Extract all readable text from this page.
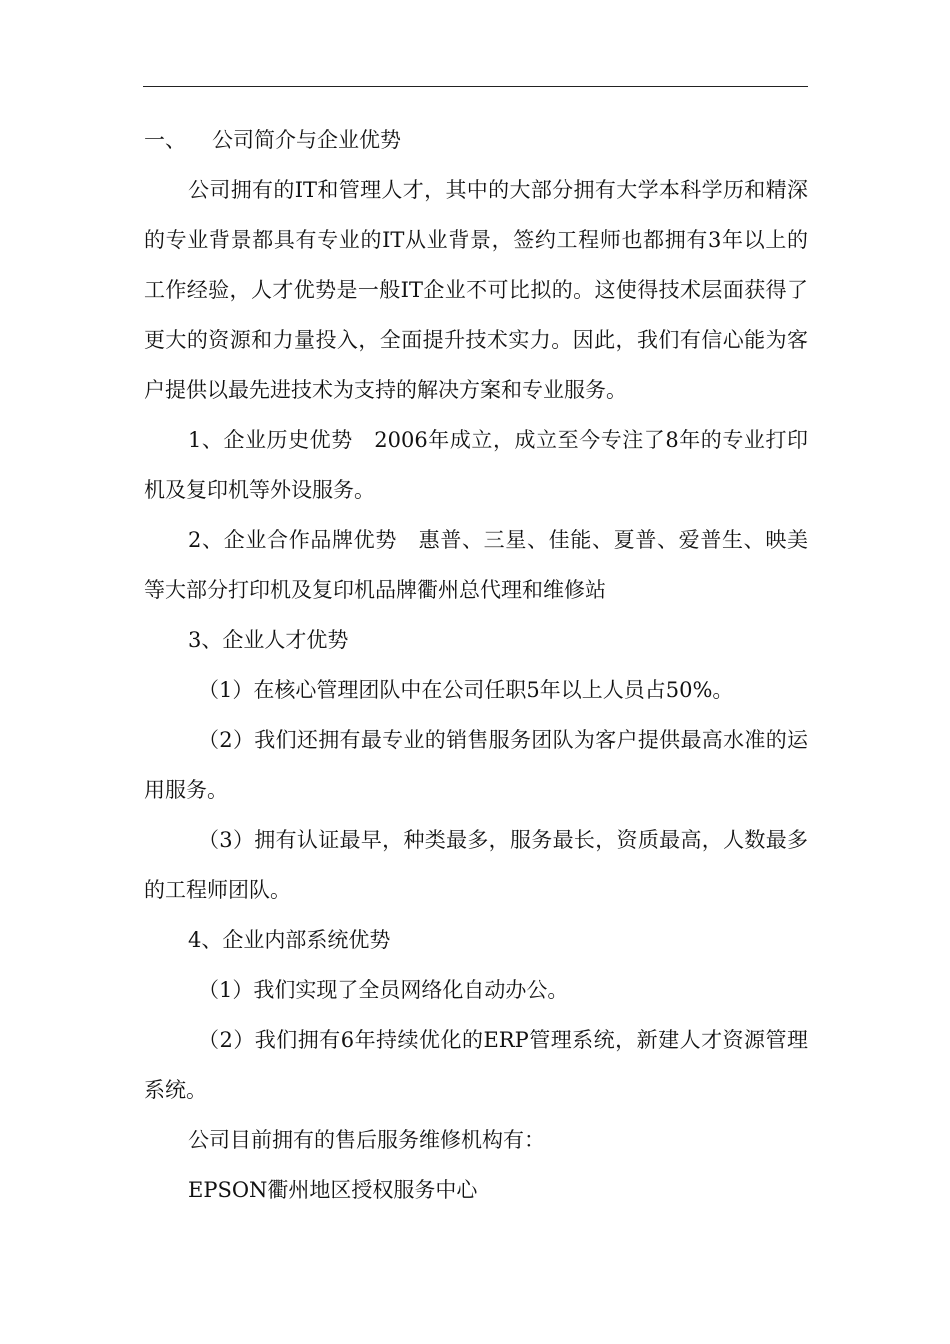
一、	公司简介与企业优势

公司拥有的IT和管理人才，其中的大部分拥有大学本科学历和精深的专业背景都具有专业的IT从业背景，签约工程师也都拥有3年以上的工作经验，人才优势是一般IT企业不可比拟的。这使得技术层面获得了更大的资源和力量投入，全面提升技术实力。因此，我们有信心能为客户提供以最先进技术为支持的解决方案和专业服务。

1、企业历史优势　2006年成立，成立至今专注了8年的专业打印机及复印机等外设服务。

2、企业合作品牌优势　惠普、三星、佳能、夏普、爱普生、映美等大部分打印机及复印机品牌衢州总代理和维修站

3、企业人才优势

（1）在核心管理团队中在公司任职5年以上人员占50%。

（2）我们还拥有最专业的销售服务团队为客户提供最高水准的运用服务。

（3）拥有认证最早，种类最多，服务最长，资质最高，人数最多的工程师团队。

4、企业内部系统优势

（1）我们实现了全员网络化自动办公。

（2）我们拥有6年持续优化的ERP管理系统，新建人才资源管理系统。

公司目前拥有的售后服务维修机构有：

EPSON衢州地区授权服务中心
